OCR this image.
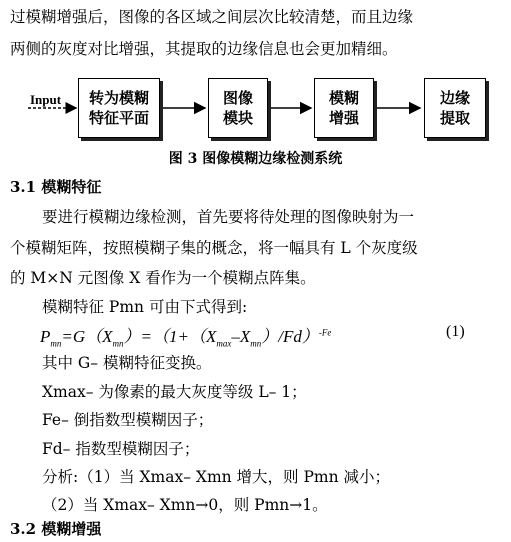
过模糊增强后，图像的各区域之间层次比较清楚，而且边缘
两侧的灰度对比增强，其提取的边缘信息也会更加精细。
Input 转为模糊
特征平面
图像
模块
模糊
增强
边缘
提取
图 3 图像模糊边缘检测系统
3.1 模糊特征
要进行模糊边缘检测，首先要将待处理的图像映射为一
个模糊矩阵，按照模糊子集的概念，将一幅具有 L 个灰度级
的 M×N 元图像 X 看作为一个模糊点阵集。
模糊特征 Pmn 可由下式得到:
$P_{mn}=G(X_{mn})=(1+(X_{max}-X_{mn})/Fd)^{-Fe}$	(1)
其中 G– 模糊特征变换。
Xmax– 为像素的最大灰度等级 L– 1；
Fe– 倒指数型模糊因子；
Fd– 指数型模糊因子；
分析:（1）当 Xmax– Xmn 增大，则 Pmn 减小；
（2）当 Xmax– Xmn→0，则 Pmn→1。
3.2 模糊增强
